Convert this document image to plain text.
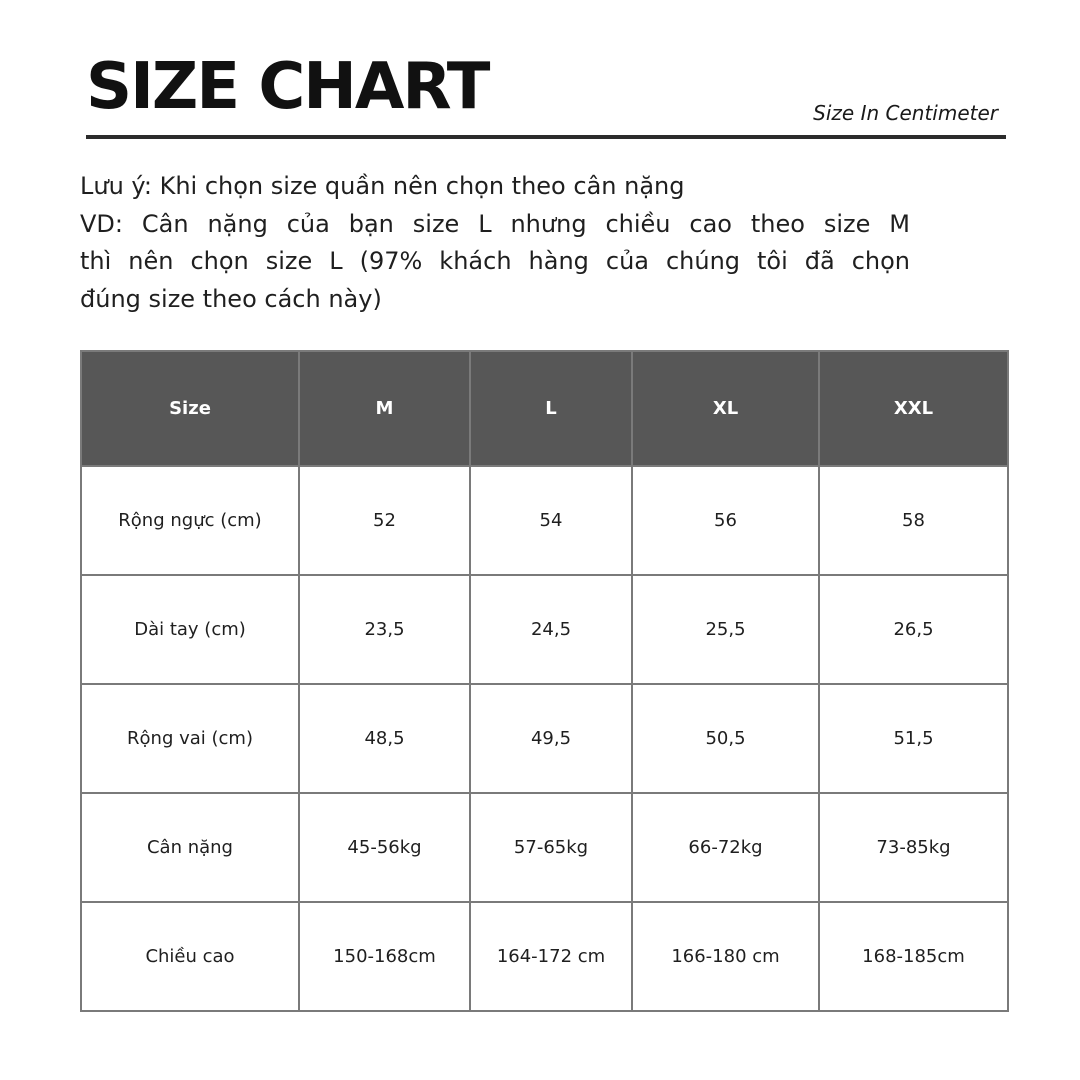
SIZE CHART	Size In Centimeter
Lưu ý: Khi chọn size quần nên chọn theo cân nặng
VD: Cân nặng của bạn size L nhưng chiều cao theo size M
thì nên chọn size L (97% khách hàng của chúng tôi đã chọn
đúng size theo cách này)
Size	M	L	XL	XXL
Rộng ngực (cm)	52	54	56	58
Dài tay (cm)	23,5	24,5	25,5	26,5
Rộng vai (cm)	48,5	49,5	50,5	51,5
Cân nặng	45-56kg	57-65kg	66-72kg	73-85kg
Chiều cao	150-168cm	164-172 cm	166-180 cm	168-185cm
